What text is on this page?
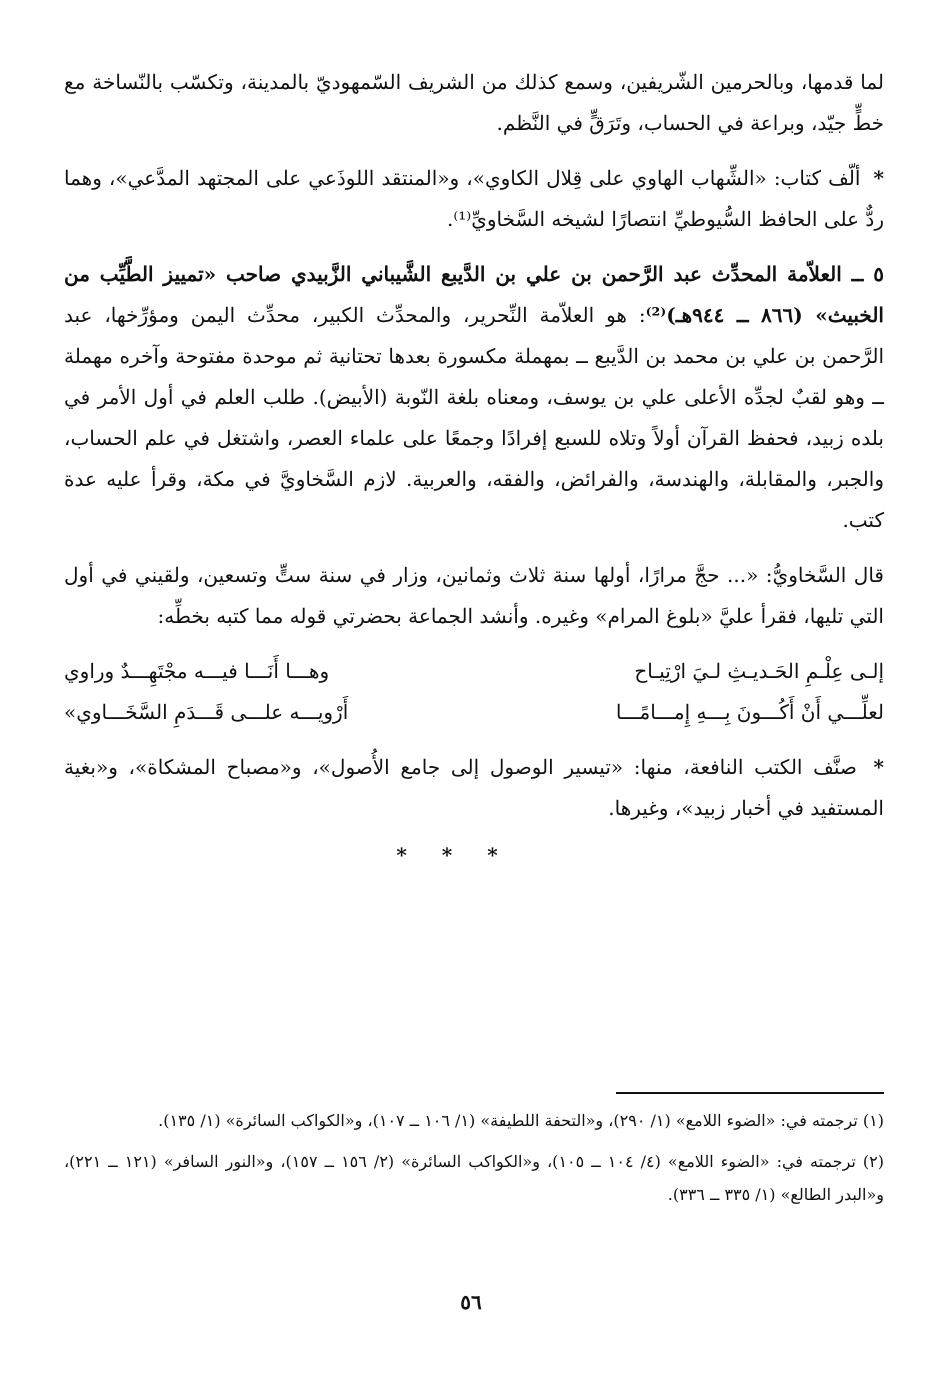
لما قدمها، وبالحرمين الشّريفين، وسمع كذلك من الشريف السّمهوديّ بالمدينة، وتكسّب بالنّساخة مع خطٍّ جيّد، وبراعة في الحساب، وتَرَقٍّ في النَّظم.

* ألّف كتاب: «الشِّهاب الهاوي على قِلال الكاوي»، و«المنتقد اللوذَعي على المجتهد المدَّعي»، وهما ردٌّ على الحافظ السُّيوطيِّ انتصارًا لشيخه السَّخاويِّ⁽¹⁾.

٥ ــ العلاّمة المحدِّث عبد الرَّحمن بن علي بن الدَّيبع الشَّيباني الزَّبيدي صاحب «تمييز الطَّيِّب من الخبيث» (٨٦٦ ــ ٩٤٤هـ)⁽²⁾: هو العلاّمة النِّحرير، والمحدِّث الكبير، محدِّث اليمن ومؤرِّخها، عبد الرَّحمن بن علي بن محمد بن الدَّيبع ــ بمهملة مكسورة بعدها تحتانية ثم موحدة مفتوحة وآخره مهملة ــ وهو لقبٌ لجدِّه الأعلى علي بن يوسف، ومعناه بلغة النّوبة (الأبيض). طلب العلم في أول الأمر في بلده زبيد، فحفظ القرآن أولاً وتلاه للسبع إفرادًا وجمعًا على علماء العصر، واشتغل في علم الحساب، والجبر، والمقابلة، والهندسة، والفرائض، والفقه، والعربية. لازم السَّخاويَّ في مكة، وقرأ عليه عدة كتب.

قال السَّخاويُّ: «... حجَّ مرارًا، أولها سنة ثلاث وثمانين، وزار في سنة ستٍّ وتسعين، ولقيني في أول التي تليها، فقرأ عليَّ «بلوغ المرام» وغيره. وأنشد الجماعة بحضرتي قوله مما كتبه بخطِّه:

إلـى عِلْـمِ الحَـديـثِ لـيَ ارْتِيـاح
وهـــا أَنَـــا فيـــه مجْتَهِـــدٌ وراوي
لعلِّـــي أَنْ أَكُـــونَ بِـــهِ إِمـــامًـــا
أَرْويـــه علـــى قَـــدَمِ السَّخَـــاوي»

* صنَّف الكتب النافعة، منها: «تيسير الوصول إلى جامع الأُصول»، و«مصباح المشكاة»، و«بغية المستفيد في أخبار زبيد»، وغيرها.

* * *

(١) ترجمته في: «الضوء اللامع» (١/ ٢٩٠)، و«التحفة اللطيفة» (١/ ١٠٦ ــ ١٠٧)، و«الكواكب السائرة» (١/ ١٣٥).

(٢) ترجمته في: «الضوء اللامع» (٤/ ١٠٤ ــ ١٠٥)، و«الكواكب السائرة» (٢/ ١٥٦ ــ ١٥٧)، و«النور السافر» (١٢١ ــ ٢٢١)، و«البدر الطالع» (١/ ٣٣٥ ــ ٣٣٦).

٥٦
